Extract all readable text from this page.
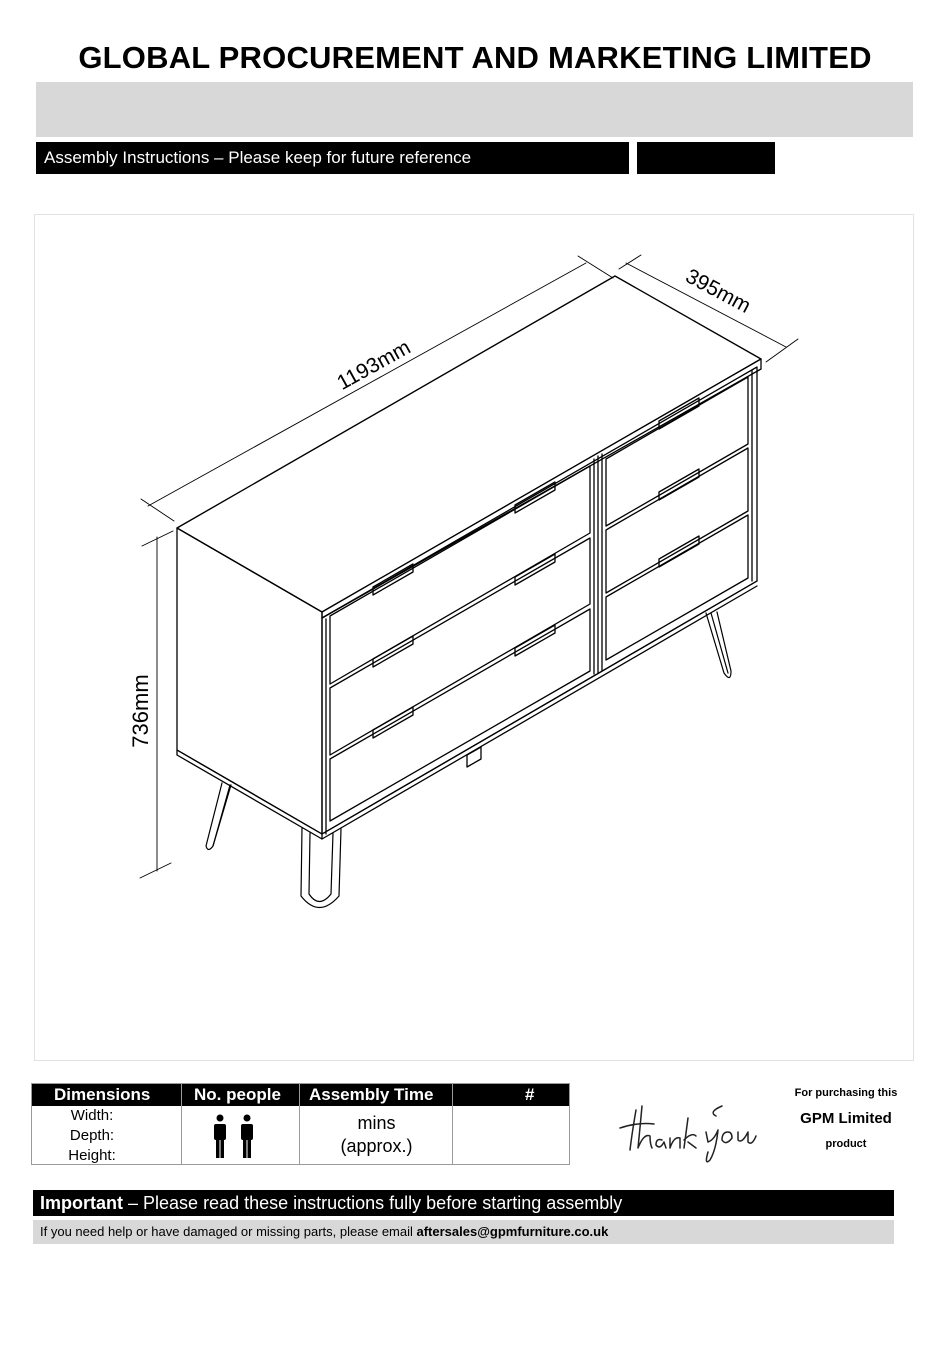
GLOBAL PROCUREMENT AND MARKETING LIMITED
Assembly Instructions – Please keep for future reference
1193mm
395mm
736mm
Dimensions	No. people Assembly Time	#
Width:
Depth:
Height:
mins
(approx.)
For purchasing this
GPM Limited
product
Important – Please read these instructions fully before starting assembly
If you need help or have damaged or missing parts, please email aftersales@gpmfurniture.co.uk
